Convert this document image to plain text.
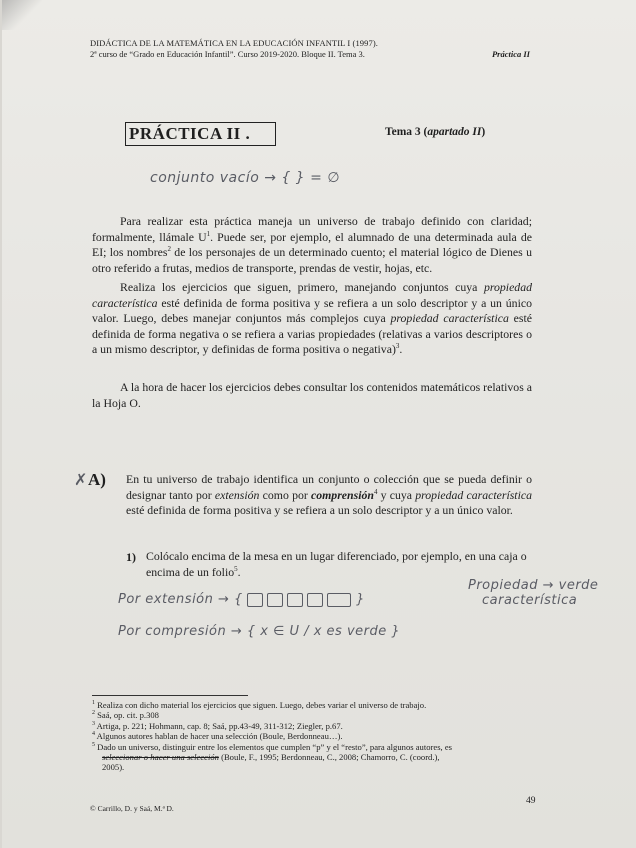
DIDÁCTICA DE LA MATEMÁTICA EN LA EDUCACIÓN INFANTIL I (1997).
2ª curso de “Grado en Educación Infantil”. Curso 2019-2020. Bloque II. Tema 3.	Práctica II
PRÁCTICA II .	Tema 3 (apartado II)
conjunto vacío → { } = ∅
Para realizar esta práctica maneja un universo de trabajo definido con claridad; formalmente, llámale $U^1$. Puede ser, por ejemplo, el alumnado de una determinada aula de EI; los nombres$^2$ de los personajes de un determinado cuento; el material lógico de Dienes u otro referido a frutas, medios de transporte, prendas de vestir, hojas, etc.
Realiza los ejercicios que siguen, primero, manejando conjuntos cuya propiedad característica esté definida de forma positiva y se refiera a un solo descriptor y a un único valor. Luego, debes manejar conjuntos más complejos cuya propiedad característica esté definida de forma negativa o se refiera a varias propiedades (relativas a varios descriptores o a un mismo descriptor, y definidas de forma positiva o negativa)$^3$.
A la hora de hacer los ejercicios debes consultar los contenidos matemáticos relativos a la Hoja O.
✗ A) En tu universo de trabajo identifica un conjunto o colección que se pueda definir o designar tanto por extensión como por comprensión$^4$ y cuya propiedad característica esté definida de forma positiva y se refiera a un solo descriptor y a un único valor.
1) Colócalo encima de la mesa en un lugar diferenciado, por ejemplo, en una caja o encima de un folio$^5$.
Por extensión → {	}
Propiedad → verde
característica
Por compresión → { x ∈ U / x es verde }
$^1$ Realiza con dicho material los ejercicios que siguen. Luego, debes variar el universo de trabajo.
$^2$ Saá, op. cit. p.308
$^3$ Artiga, p. 221; Hohmann, cap. 8; Saá, pp.43-49, 311-312; Ziegler, p.67.
$^4$ Algunos autores hablan de hacer una selección (Boule, Berdonneau…).
$^5$ Dado un universo, distinguir entre los elementos que cumplen “p” y el “resto”, para algunos autores, es
seleccionar o hacer una selección (Boule, F., 1995; Berdonneau, C., 2008; Chamorro, C. (coord.),
2005).
49
© Carrillo, D. y Saá, M.ª D.
